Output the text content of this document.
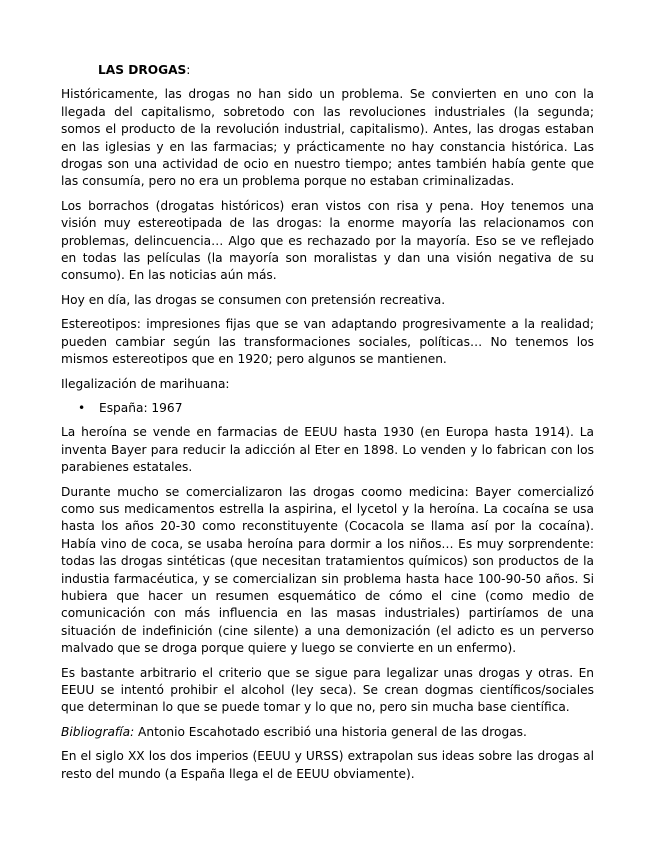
LAS DROGAS:

Históricamente, las drogas no han sido un problema. Se convierten en uno con la llegada del capitalismo, sobretodo con las revoluciones industriales (la segunda; somos el producto de la revolución industrial, capitalismo). Antes, las drogas estaban en las iglesias y en las farmacias; y prácticamente no hay constancia histórica. Las drogas son una actividad de ocio en nuestro tiempo; antes también había gente que las consumía, pero no era un problema porque no estaban criminalizadas.

Los borrachos (drogatas históricos) eran vistos con risa y pena. Hoy tenemos una visión muy estereotipada de las drogas: la enorme mayoría las relacionamos con problemas, delincuencia… Algo que es rechazado por la mayoría. Eso se ve reflejado en todas las películas (la mayoría son moralistas y dan una visión negativa de su consumo). En las noticias aún más.

Hoy en día, las drogas se consumen con pretensión recreativa.

Estereotipos: impresiones fijas que se van adaptando progresivamente a la realidad; pueden cambiar según las transformaciones sociales, políticas… No tenemos los mismos estereotipos que en 1920; pero algunos se mantienen.

Ilegalización de marihuana:

• España: 1967

La heroína se vende en farmacias de EEUU hasta 1930 (en Europa hasta 1914). La inventa Bayer para reducir la adicción al Eter en 1898. Lo venden y lo fabrican con los parabienes estatales.

Durante mucho se comercializaron las drogas coomo medicina: Bayer comercializó como sus medicamentos estrella la aspirina, el lycetol y la heroína. La cocaína se usa hasta los años 20-30 como reconstituyente (Cocacola se llama así por la cocaína). Había vino de coca, se usaba heroína para dormir a los niños… Es muy sorprendente: todas las drogas sintéticas (que necesitan tratamientos químicos) son productos de la industia farmacéutica, y se comercializan sin problema hasta hace 100-90-50 años. Si hubiera que hacer un resumen esquemático de cómo el cine (como medio de comunicación con más influencia en las masas industriales) partiríamos de una situación de indefinición (cine silente) a una demonización (el adicto es un perverso malvado que se droga porque quiere y luego se convierte en un enfermo).

Es bastante arbitrario el criterio que se sigue para legalizar unas drogas y otras. En EEUU se intentó prohibir el alcohol (ley seca). Se crean dogmas científicos/sociales que determinan lo que se puede tomar y lo que no, pero sin mucha base científica.

Bibliografía: Antonio Escahotado escribió una historia general de las drogas.

En el siglo XX los dos imperios (EEUU y URSS) extrapolan sus ideas sobre las drogas al resto del mundo (a España llega el de EEUU obviamente).
